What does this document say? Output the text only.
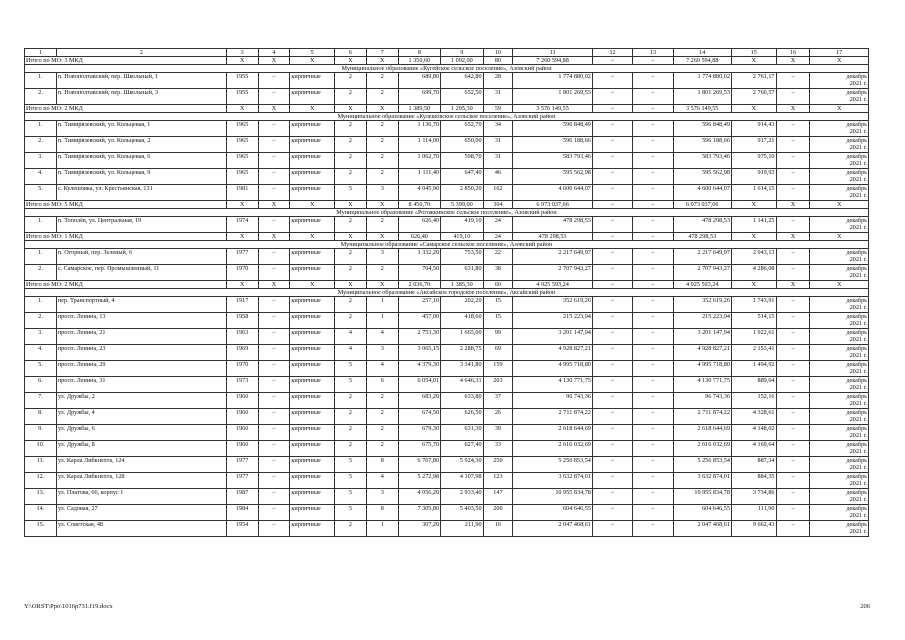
1	2	3	4	5	6	7	8	9	10	11	12	13	14	15	16	17
Итого по МО: 3 МКД		X	X	X	X	X	1 350,60	1 092,00	80	7 260 594,88	–	–	7 260 594,88	X	X	X
Муниципальное образование «Кугейское сельское поселение», Азовский район																
1.	п. Новополтавский, пер. Школьный, 1	1955	–	кирпичные	2	2	689,80	642,80	28	1 774 880,02	–	–	1 774 880,02	2 761,17	–	декабрь
2021 г.

2.	п. Новополтавский, пер. Школьный, 3	1955	–	кирпичные	2	2	699,70	652,50	31	1 801 269,53	–	–	1 801 269,53	2 760,57	–	декабрь
2021 г.

Итого по МО: 2 МКД		X	X	X	X	X	1 389,50	1 295,30	59	3 576 149,55	–	–	3 576 149,55	X	X	X
Муниципальное образование «Кулешовское сельское поселение», Азовский район																
1.	п. Тимирязевский, ул. Кольцевая, 1	1965	–	кирпичные	2	2	1 136,70	652,70	34	596 848,49	–	–	596 848,49	914,43	–	декабрь
2021 г.

2.	п. Тимирязевский, ул. Кольцевая, 2	1965	–	кирпичные	2	2	1 114,00	650,00	31	596 188,66	–	–	596 188,66	917,21	–	декабрь
2021 г.

3.	п. Тимирязевский, ул. Кольцевая, 6	1965	–	кирпичные	2	2	1 062,70	598,70	31	583 793,46	–	–	583 793,46	975,10	–	декабрь
2021 г.

4.	п. Тимирязевский, ул. Кольцевая, 9	1965	–	кирпичные	2	2	1 111,40	647,40	46	595 562,98	–	–	595 562,98	919,93	–	декабрь
2021 г.

5.	с. Кулешовка, ул. Крестьянская, 131	1981	–	кирпичные	5	3	4 045,90	2 850,20	162	4 600 644,07	–	–	4 600 644,07	1 614,15	–	декабрь
2021 г.

Итого по МО: 5 МКД		X	X	X	X	X	8 450,70	5 399,00	304	6 973 037,66	–	–	6 973 037,66	X	X	X
Муниципальное образование «Рогожкинское сельское поселение», Азовский район																
1.	п. Тополёв, ул. Центральная, 19	1974	–	кирпичные	2	2	626,40	419,10	24	478 298,53	–	–	478 298,53	1 141,25	–	декабрь
2021 г.

Итого по МО: 1 МКД		X	X	X	X	X	626,40	419,10	24	478 298,53	–	–	478 298,53	X	X	X
Муниципальное образование «Самарское сельское поселение», Азовский район																
1.	п. Огорный, пер. Зеленый, 6	1977	–	кирпичные	2	3	1 332,20	753,50	22	2 217 649,97	–	–	2 217 649,97	2 943,13	–	декабрь
2021 г.

2.	с. Самарское, пер. Промышленный, 11	1970	–	кирпичные	2	2	704,50	631,80	38	2 707 943,27	–	–	2 707 943,27	4 286,08	–	декабрь
2021 г.

Итого по МО: 2 МКД		X	X	X	X	X	2 036,70	1 385,30	60	4 925 593,24	–	–	4 925 593,24	X	X	X
Муниципальное образование «Аксайское городское поселение», Аксайский район																
1.	пер. Транспортный, 4	1917	–	кирпичные	2	1	257,10	202,20	15	352 619,26	–	–	352 619,26	1 743,91	–	декабрь
2021 г.

2.	просп. Ленина, 13	1958	–	кирпичные	2	1	457,00	418,60	15	215 223,94	–	–	215 223,94	514,15	–	декабрь
2021 г.

3.	просп. Ленина, 21	1963	–	кирпичные	4	4	2 753,30	1 665,00	99	3 201 147,94	–	–	3 201 147,94	1 922,61	–	декабрь
2021 г.

4.	просп. Ленина, 23	1969	–	кирпичные	4	3	3 065,15	2 288,75	69	4 928 827,21	–	–	4 928 827,21	2 153,41	–	декабрь
2021 г.

5.	просп. Ленина, 29	1970	–	кирпичные	5	4	4 379,30	3 341,80	159	4 995 718,80	–	–	4 995 718,80	1 494,92	–	декабрь
2021 г.

6.	просп. Ленина, 31	1973	–	кирпичные	5	6	6 054,01	4 646,31	203	4 130 771,75	–	–	4 130 771,75	889,04	–	декабрь
2021 г.

7.	ул. Дружбы, 2	1960	–	кирпичные	2	2	683,20	633,80	37	96 743,36	–	–	96 743,36	152,16	–	декабрь
2021 г.

8.	ул. Дружбы, 4	1960	–	кирпичные	2	2	674,50	626,50	26	2 711 874,22	–	–	2 711 874,22	4 328,61	–	декабрь
2021 г.

9.	ул. Дружбы, 6	1960	–	кирпичные	2	2	679,30	631,30	39	2 618 644,69	–	–	2 618 644,69	4 148,02	–	декабрь
2021 г.

10.	ул. Дружбы, 8	1960	–	кирпичные	2	2	675,70	627,40	33	2 616 032,69	–	–	2 616 032,69	4 169,64	–	декабрь
2021 г.

11.	ул. Карла Либкнехта, 124	1977	–	кирпичные	5	8	6 767,80	5 924,30	250	5 256 853,54	–	–	5 256 853,54	887,34	–	декабрь
2021 г.

12.	ул. Карла Либкнехта, 128	1977	–	кирпичные	5	4	5 272,98	4 107,98	123	3 632 874,01	–	–	3 632 874,01	884,35	–	декабрь
2021 г.

13.	ул. Платова, 66, корпус 1	1987	–	кирпичные	5	3	4 056,20	2 933,40	147	10 955 834,78	–	–	10 955 834,78	3 734,86	–	декабрь
2021 г.

14.	ул. Садовая, 27	1984	–	кирпичные	5	8	7 305,80	5 403,50	200	604 646,55	–	–	604 646,55	111,90	–	декабрь
2021 г.

15.	ул. Советская, 48	1954	–	кирпичные	2	1	307,20	211,90	16	2 047 468,61	–	–	2 047 468,61	9 662,43	–	декабрь
2021 г.
Y:\ORST\Ppo\1016p731.f19.docx	206
